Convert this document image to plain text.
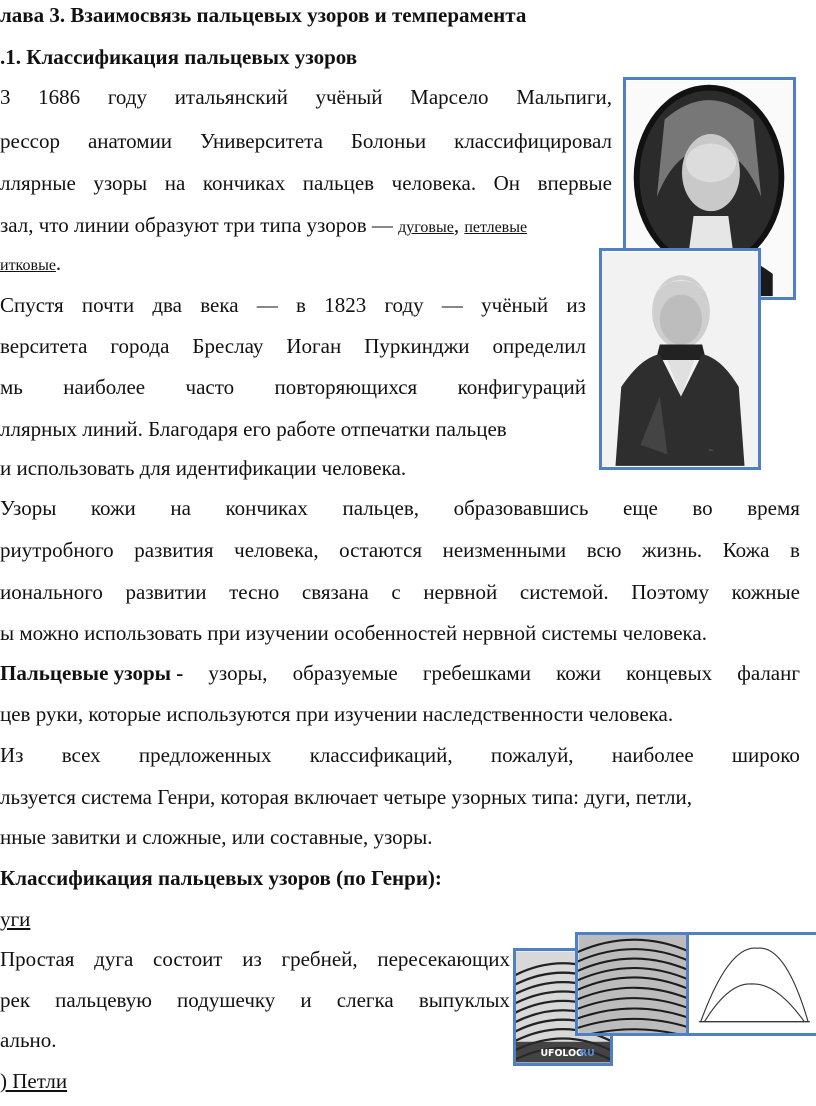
лава 3. Взаимосвязь пальцевых узоров и темперамента
.1. Классификация пальцевых узоров
3 1686 году итальянский учёный Марсело Мальпиги,
рессор анатомии Университета Болоньи классифицировал
ллярные узоры на кончиках пальцев человека. Он впервые
зал, что линии образуют три типа узоров — дуговые, петлевые
итковые.
Спустя почти два века — в 1823 году — учёный из
верситета города Бреслау Иоган Пуркинджи определил
мь наиболее часто повторяющихся конфигураций
ллярных линий. Благодаря его работе отпечатки пальцев
и использовать для идентификации человека.
Узоры кожи на кончиках пальцев, образовавшись еще во время
риутробного развития человека, остаются неизменными всю жизнь. Кожа в
ионального развитии тесно связана с нервной системой. Поэтому кожные
ы можно использовать при изучении особенностей нервной системы человека.
Пальцевые узоры - узоры, образуемые гребешками кожи концевых фаланг
цев руки, которые используются при изучении наследственности человека.
Из всех предложенных классификаций, пожалуй, наиболее широко
льзуется система Генри, которая включает четыре узорных типа: дуги, петли,
нные завитки и сложные, или составные, узоры.
Классификация пальцевых узоров (по Генри):
уги
Простая дуга состоит из гребней, пересекающих
рек пальцевую подушечку и слегка выпуклых
ально.
) Петли
~
UFOLOG
RU
